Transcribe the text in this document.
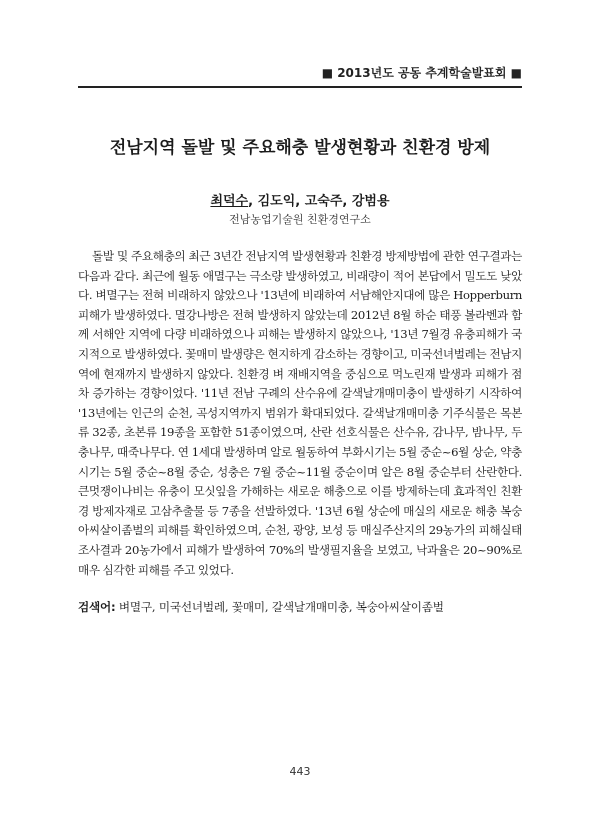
■ 2013년도 공동 추계학술발표회 ■
전남지역 돌발 및 주요해충 발생현황과 친환경 방제
최덕수, 김도익, 고숙주, 강범용
전남농업기술원 친환경연구소

돌발 및 주요해충의 최근 3년간 전남지역 발생현황과 친환경 방제방법에 관한 연구결과는 다음과 같다. 최근에 월동 애멸구는 극소량 발생하였고, 비래량이 적어 본답에서 밀도도 낮았다. 벼멸구는 전혀 비래하지 않았으나 '13년에 비래하여 서남해안지대에 많은 Hopperburn 피해가 발생하였다. 멸강나방은 전혀 발생하지 않았는데 2012년 8월 하순 태풍 볼라벤과 함께 서해안 지역에 다량 비래하였으나 피해는 발생하지 않았으나, '13년 7월경 유충피해가 국지적으로 발생하였다. 꽃매미 발생량은 현지하게 감소하는 경향이고, 미국선녀벌레는 전남지역에 현재까지 발생하지 않았다. 친환경 벼 재배지역을 중심으로 먹노린재 발생과 피해가 점차 증가하는 경향이었다. '11년 전남 구례의 산수유에 갈색날개매미충이 발생하기 시작하여 '13년에는 인근의 순천, 곡성지역까지 범위가 확대되었다. 갈색날개매미충 기주식물은 목본류 32종, 초본류 19종을 포함한 51종이였으며, 산란 선호식물은 산수유, 감나무, 밤나무, 두충나무, 때죽나무다. 연 1세대 발생하며 알로 월동하여 부화시기는 5월 중순~6월 상순, 약충시기는 5월 중순~8월 중순, 성충은 7월 중순~11월 중순이며 알은 8월 중순부터 산란한다. 큰멋쟁이나비는 유충이 모싯잎을 가해하는 새로운 해충으로 이를 방제하는데 효과적인 친환경 방제자재로 고삼추출물 등 7종을 선발하였다. '13년 6월 상순에 매실의 새로운 해충 복숭아씨살이좀벌의 피해를 확인하였으며, 순천, 광양, 보성 등 매실주산지의 29농가의 피해실태 조사결과 20농가에서 피해가 발생하여 70%의 발생필지율을 보였고, 낙과율은 20~90%로 매우 심각한 피해를 주고 있었다.

검색어: 벼멸구, 미국선녀벌레, 꽃매미, 갈색날개매미충, 복숭아씨살이좀벌
443
